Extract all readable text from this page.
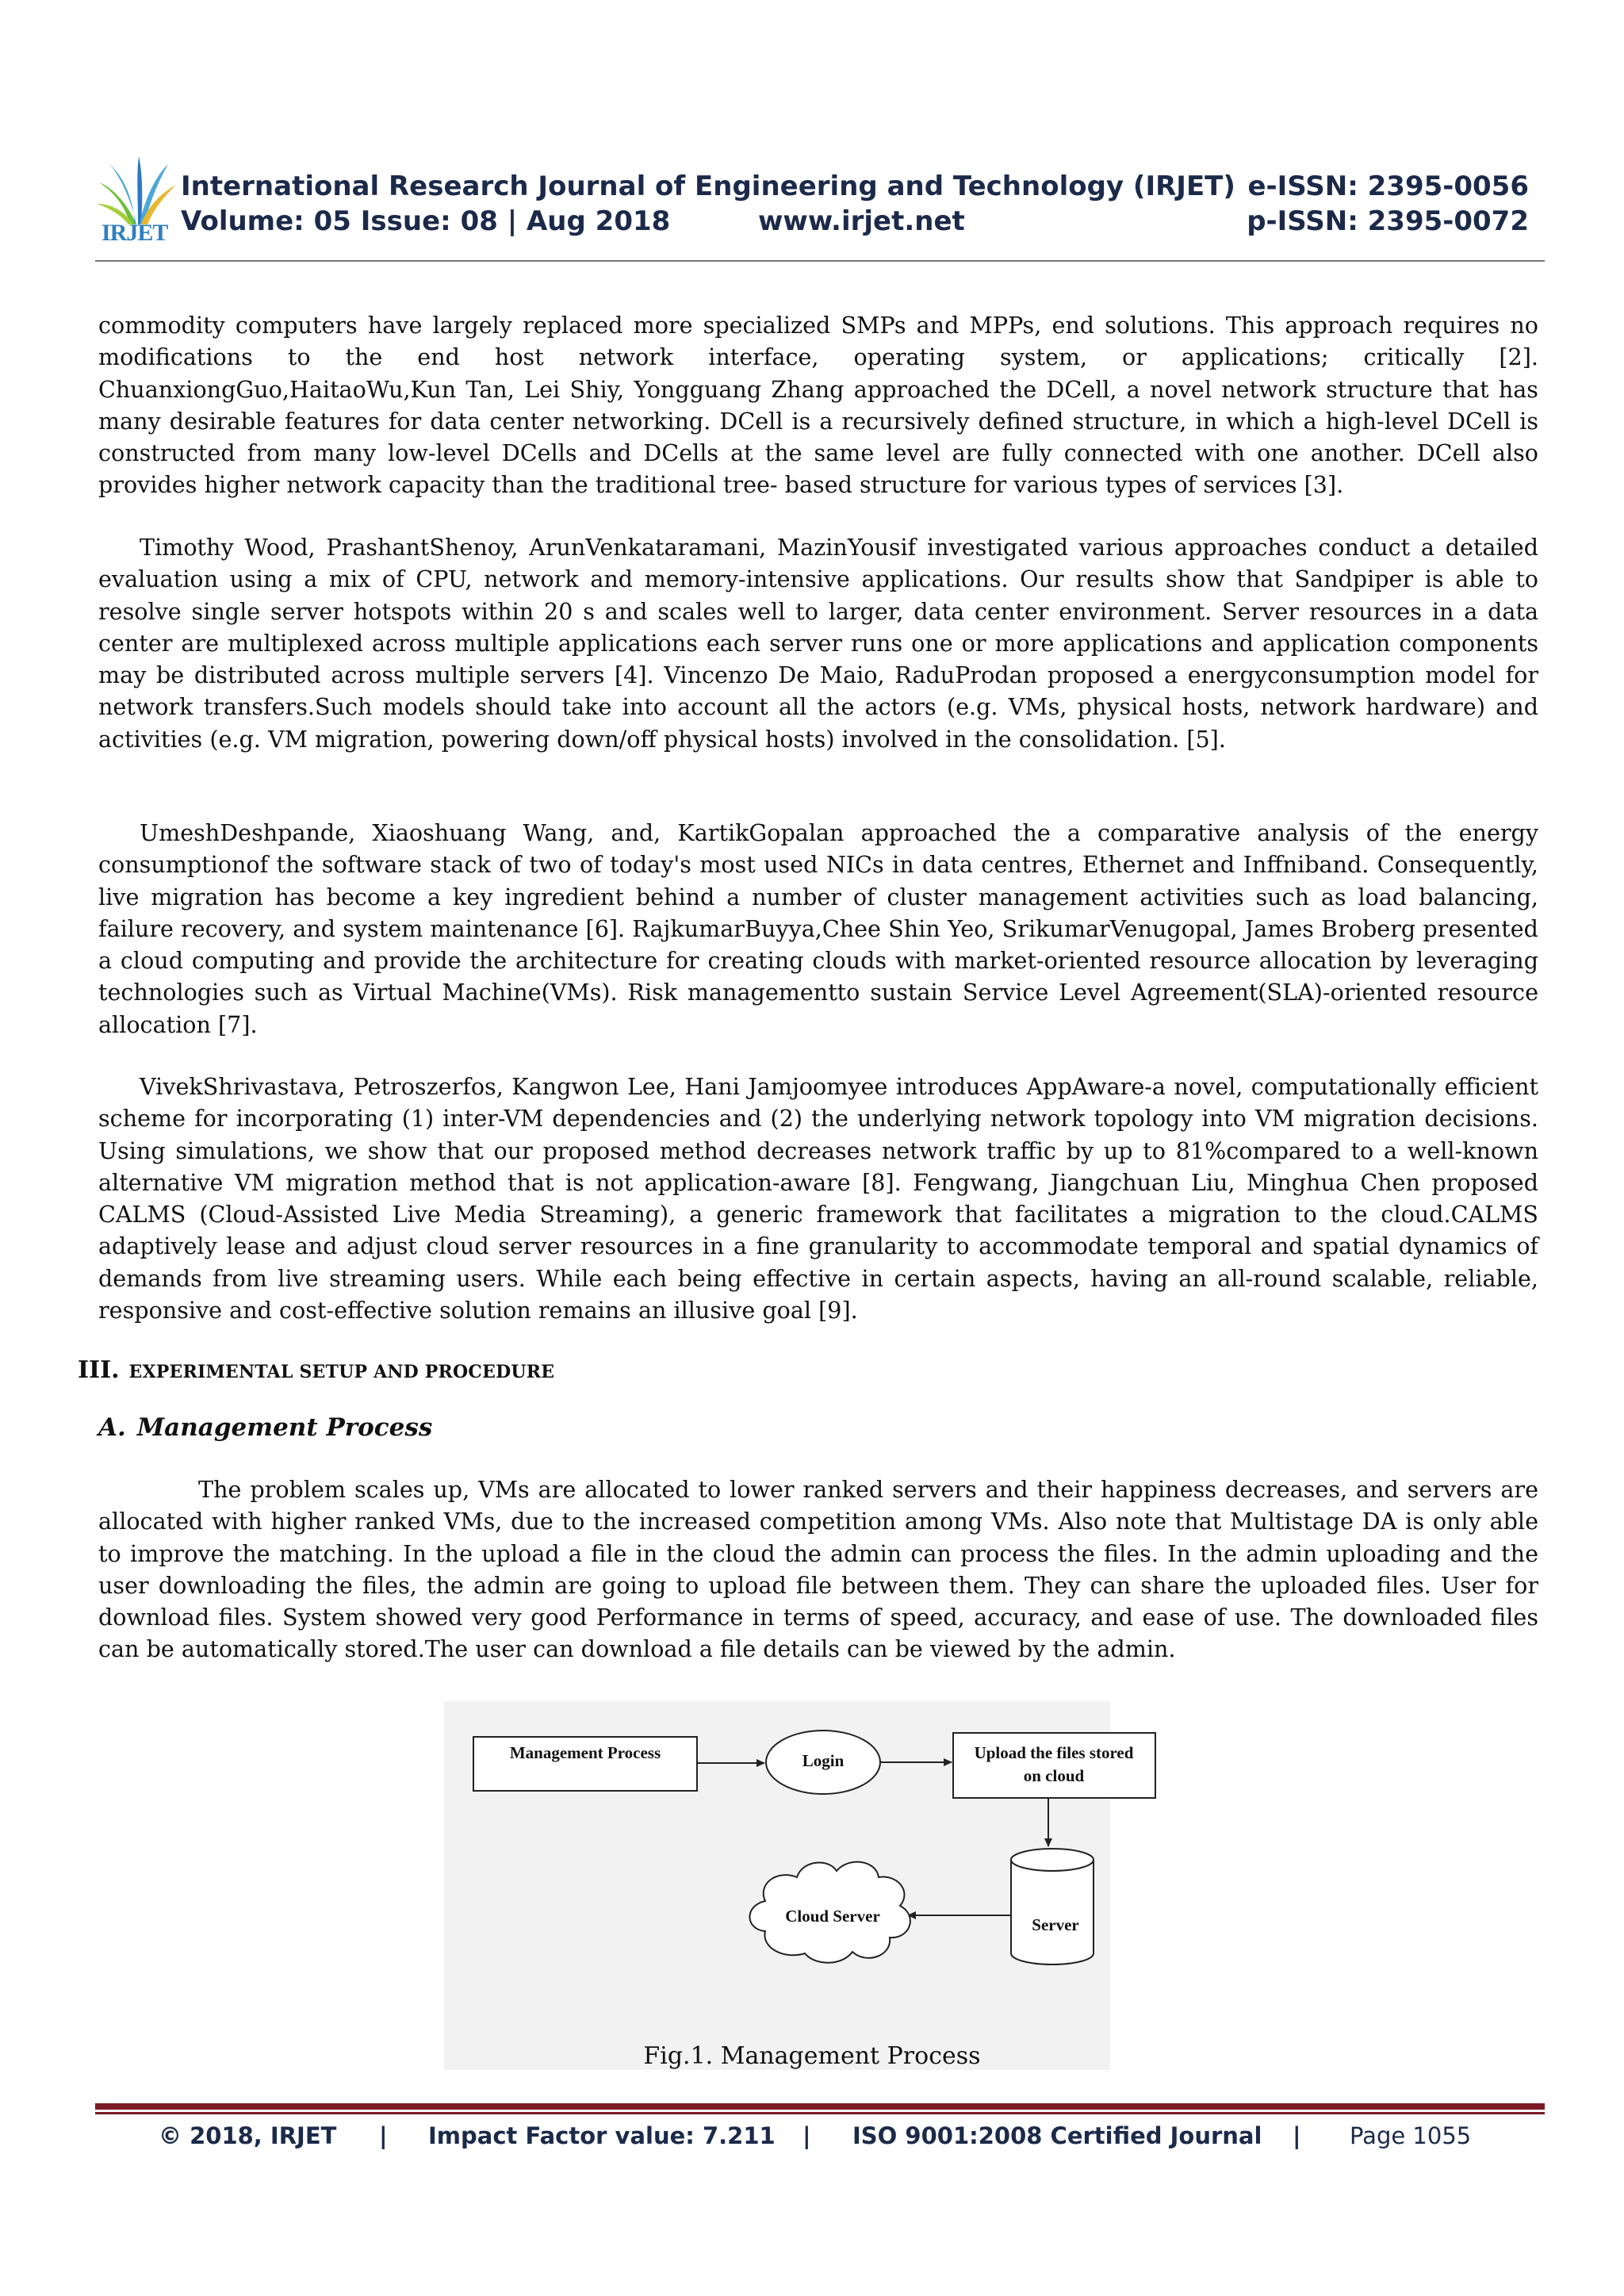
IRJET
International Research Journal of Engineering and Technology (IRJET)
Volume: 05 Issue: 08 | Aug 2018	www.irjet.net
e-ISSN: 2395-0056
p-ISSN: 2395-0072

commodity computers have largely replaced more specialized SMPs and MPPs, end solutions. This approach requires no modifications to the end host network interface, operating system, or applications; critically [2]. ChuanxiongGuo,HaitaoWu,Kun Tan, Lei Shiy, Yongguang Zhang approached the DCell, a novel network structure that has many desirable features for data center networking. DCell is a recursively defined structure, in which a high-level DCell is constructed from many low-level DCells and DCells at the same level are fully connected with one another. DCell also provides higher network capacity than the traditional tree- based structure for various types of services [3].

Timothy Wood, PrashantShenoy, ArunVenkataramani, MazinYousif investigated various approaches conduct a detailed evaluation using a mix of CPU, network and memory-intensive applications. Our results show that Sandpiper is able to resolve single server hotspots within 20 s and scales well to larger, data center environment. Server resources in a data center are multiplexed across multiple applications each server runs one or more applications and application components may be distributed across multiple servers [4]. Vincenzo De Maio, RaduProdan proposed a energyconsumption model for network transfers.Such models should take into account all the actors (e.g. VMs, physical hosts, network hardware) and activities (e.g. VM migration, powering down/off physical hosts) involved in the consolidation. [5].

UmeshDeshpande, Xiaoshuang Wang, and, KartikGopalan approached the a comparative analysis of the energy consumptionof the software stack of two of today's most used NICs in data centres, Ethernet and Inffniband. Consequently, live migration has become a key ingredient behind a number of cluster management activities such as load balancing, failure recovery, and system maintenance [6]. RajkumarBuyya,Chee Shin Yeo, SrikumarVenugopal, James Broberg presented a cloud computing and provide the architecture for creating clouds with market-oriented resource allocation by leveraging technologies such as Virtual Machine(VMs). Risk managementto sustain Service Level Agreement(SLA)-oriented resource allocation [7].

VivekShrivastava, Petroszerfos, Kangwon Lee, Hani Jamjoomyee introduces AppAware-a novel, computationally efficient scheme for incorporating (1) inter-VM dependencies and (2) the underlying network topology into VM migration decisions. Using simulations, we show that our proposed method decreases network traffic by up to 81%compared to a well-known alternative VM migration method that is not application-aware [8]. Fengwang, Jiangchuan Liu, Minghua Chen proposed CALMS (Cloud-Assisted Live Media Streaming), a generic framework that facilitates a migration to the cloud.CALMS adaptively lease and adjust cloud server resources in a fine granularity to accommodate temporal and spatial dynamics of demands from live streaming users. While each being effective in certain aspects, having an all-round scalable, reliable, responsive and cost-effective solution remains an illusive goal [9].

III. EXPERIMENTAL SETUP AND PROCEDURE
A. Management Process

The problem scales up, VMs are allocated to lower ranked servers and their happiness decreases, and servers are allocated with higher ranked VMs, due to the increased competition among VMs. Also note that Multistage DA is only able to improve the matching. In the upload a file in the cloud the admin can process the files. In the admin uploading and the user downloading the files, the admin are going to upload file between them. They can share the uploaded files. User for download files. System showed very good Performance in terms of speed, accuracy, and ease of use. The downloaded files can be automatically stored.The user can download a file details can be viewed by the admin.

Management Process	Login	Upload the files stored
on cloud
Server
Cloud Server
Fig.1. Management Process
© 2018, IRJET | Impact Factor value: 7.211 | ISO 9001:2008 Certified Journal | Page 1055
